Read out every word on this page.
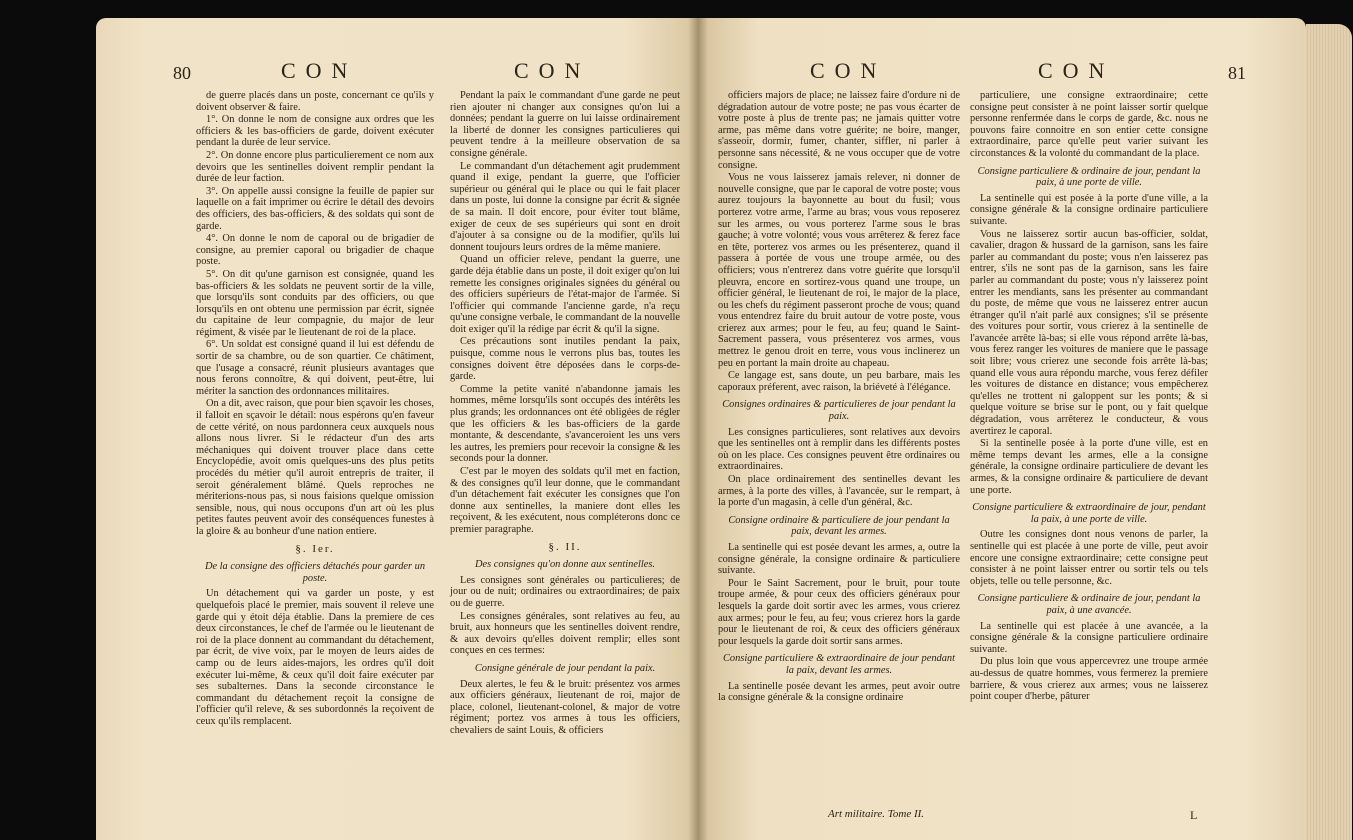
80	CON	CON

de guerre placés dans un poste, concernant ce qu'ils y doivent observer & faire.

1°. On donne le nom de consigne aux ordres que les officiers & les bas-officiers de garde, doivent exécuter pendant la durée de leur service.

2°. On donne encore plus particulierement ce nom aux devoirs que les sentinelles doivent remplir pendant la durée de leur faction.

3°. On appelle aussi consigne la feuille de papier sur laquelle on a fait imprimer ou écrire le détail des devoirs des officiers, des bas-officiers, & des soldats qui sont de garde.

4°. On donne le nom de caporal ou de brigadier de consigne, au premier caporal ou brigadier de chaque poste.

5°. On dit qu'une garnison est consignée, quand les bas-officiers & les soldats ne peuvent sortir de la ville, que lorsqu'ils sont conduits par des officiers, ou que lorsqu'ils en ont obtenu une permission par écrit, signée du capitaine de leur compagnie, du major de leur régiment, & visée par le lieutenant de roi de la place.

6°. Un soldat est consigné quand il lui est défendu de sortir de sa chambre, ou de son quartier. Ce châtiment, que l'usage a consacré, réunit plusieurs avantages que nous ferons connoître, & qui doivent, peut-être, lui mériter la sanction des ordonnances militaires.

On a dit, avec raison, que pour bien sçavoir les choses, il falloit en sçavoir le détail: nous espérons qu'en faveur de cette vérité, on nous pardonnera ceux auxquels nous allons nous livrer. Si le rédacteur d'un des arts méchaniques qui doivent trouver place dans cette Encyclopédie, avoit omis quelques-uns des plus petits procédés du métier qu'il auroit entrepris de traiter, il seroit généralement blâmé. Quels reproches ne mériterions-nous pas, si nous faisions quelque omission sensible, nous, qui nous occupons d'un art où les plus petites fautes peuvent avoir des conséquences funestes à la gloire & au bonheur d'une nation entiere.

§. Ier.

De la consigne des officiers détachés pour garder un poste.

Un détachement qui va garder un poste, y est quelquefois placé le premier, mais souvent il releve une garde qui y étoit déja établie. Dans la premiere de ces deux circonstances, le chef de l'armée ou le lieutenant de roi de la place donnent au commandant du détachement, par écrit, de vive voix, par le moyen de leurs aides de camp ou de leurs aides-majors, les ordres qu'il doit exécuter lui-même, & ceux qu'il doit faire exécuter par ses subalternes. Dans la seconde circonstance le commandant du détachement reçoit la consigne de l'officier qu'il releve, & ses subordonnés la reçoivent de ceux qu'ils remplacent.

Pendant la paix le commandant d'une garde ne peut rien ajouter ni changer aux consignes qu'on lui a données; pendant la guerre on lui laisse ordinairement la liberté de donner les consignes particulieres qui peuvent tendre à la meilleure observation de sa consigne générale.

Le commandant d'un détachement agit prudemment quand il exige, pendant la guerre, que l'officier supérieur ou général qui le place ou qui le fait placer dans un poste, lui donne la consigne par écrit & signée de sa main. Il doit encore, pour éviter tout blâme, exiger de ceux de ses supérieurs qui sont en droit d'ajouter à sa consigne ou de la modifier, qu'ils lui donnent toujours leurs ordres de la même maniere.

Quand un officier releve, pendant la guerre, une garde déja établie dans un poste, il doit exiger qu'on lui remette les consignes originales signées du général ou des officiers supérieurs de l'état-major de l'armée. Si l'officier qui commande l'ancienne garde, n'a reçu qu'une consigne verbale, le commandant de la nouvelle doit exiger qu'il la rédige par écrit & qu'il la signe.

Ces précautions sont inutiles pendant la paix, puisque, comme nous le verrons plus bas, toutes les consignes doivent être déposées dans le corps-de-garde.

Comme la petite vanité n'abandonne jamais les hommes, même lorsqu'ils sont occupés des intérêts les plus grands; les ordonnances ont été obligées de régler que les officiers & les bas-officiers de la garde montante, & descendante, s'avanceroient les uns vers les autres, les premiers pour recevoir la consigne & les seconds pour la donner.

C'est par le moyen des soldats qu'il met en faction, & des consignes qu'il leur donne, que le commandant d'un détachement fait exécuter les consignes que l'on donne aux sentinelles, la maniere dont elles les reçoivent, & les exécutent, nous compléterons donc ce premier paragraphe.

§. II.

Des consignes qu'on donne aux sentinelles.

Les consignes sont générales ou particulieres; de jour ou de nuit; ordinaires ou extraordinaires; de paix ou de guerre.

Les consignes générales, sont relatives au feu, au bruit, aux honneurs que les sentinelles doivent rendre, & aux devoirs qu'elles doivent remplir; elles sont conçues en ces termes:

Consigne générale de jour pendant la paix.

Deux alertes, le feu & le bruit: présentez vos armes aux officiers généraux, lieutenant de roi, major de place, colonel, lieutenant-colonel, & major de votre régiment; portez vos armes à tous les officiers, chevaliers de saint Louis, & officiers

CON	CON	81

officiers majors de place; ne laissez faire d'ordure ni de dégradation autour de votre poste; ne pas vous écarter de votre poste à plus de trente pas; ne jamais quitter votre arme, pas même dans votre guérite; ne boire, manger, s'asseoir, dormir, fumer, chanter, siffler, ni parler à personne sans nécessité, & ne vous occuper que de votre consigne.

Vous ne vous laisserez jamais relever, ni donner de nouvelle consigne, que par le caporal de votre poste; vous aurez toujours la bayonnette au bout du fusil; vous porterez votre arme, l'arme au bras; vous vous reposerez sur les armes, ou vous porterez l'arme sous le bras gauche; à votre volonté; vous vous arrêterez & ferez face en tête, porterez vos armes ou les présenterez, quand il passera à portée de vous une troupe armée, ou des officiers; vous n'entrerez dans votre guérite que lorsqu'il pleuvra, encore en sortirez-vous quand une troupe, un officier général, le lieutenant de roi, le major de la place, ou les chefs du régiment passeront proche de vous; quand vous entendrez faire du bruit autour de votre poste, vous crierez aux armes; pour le feu, au feu; quand le Saint-Sacrement passera, vous présenterez vos armes, vous mettrez le genou droit en terre, vous vous inclinerez un peu en portant la main droite au chapeau.

Ce langage est, sans doute, un peu barbare, mais les caporaux préferent, avec raison, la briéveté à l'élégance.

Consignes ordinaires & particulieres de jour pendant la paix.

Les consignes particulieres, sont relatives aux devoirs que les sentinelles ont à remplir dans les différents postes où on les place. Ces consignes peuvent être ordinaires ou extraordinaires.

On place ordinairement des sentinelles devant les armes, à la porte des villes, à l'avancée, sur le rempart, à la porte d'un magasin, à celle d'un général, &c.

Consigne ordinaire & particuliere de jour pendant la paix, devant les armes.

La sentinelle qui est posée devant les armes, a, outre la consigne générale, la consigne ordinaire & particuliere suivante.

Pour le Saint Sacrement, pour le bruit, pour toute troupe armée, & pour ceux des officiers généraux pour lesquels la garde doit sortir avec les armes, vous crierez aux armes; pour le feu, au feu; vous crierez hors la garde pour le lieutenant de roi, & ceux des officiers généraux pour lesquels la garde doit sortir sans armes.

Consigne particuliere & extraordinaire de jour pendant la paix, devant les armes.

La sentinelle posée devant les armes, peut avoir outre la consigne générale & la consigne ordinaire

particuliere, une consigne extraordinaire; cette consigne peut consister à ne point laisser sortir quelque personne renfermée dans le corps de garde, &c. nous ne pouvons faire connoitre en son entier cette consigne extraordinaire, parce qu'elle peut varier suivant les circonstances & la volonté du commandant de la place.

Consigne particuliere & ordinaire de jour, pendant la paix, à une porte de ville.

La sentinelle qui est posée à la porte d'une ville, a la consigne générale & la consigne ordinaire particuliere suivante.

Vous ne laisserez sortir aucun bas-officier, soldat, cavalier, dragon & hussard de la garnison, sans les faire parler au commandant du poste; vous n'en laisserez pas entrer, s'ils ne sont pas de la garnison, sans les faire parler au commandant du poste; vous n'y laisserez point entrer les mendiants, sans les présenter au commandant du poste, de même que vous ne laisserez entrer aucun étranger qu'il n'ait parlé aux consignes; s'il se présente des voitures pour sortir, vous crierez à la sentinelle de l'avancée arrête là-bas; si elle vous répond arrête là-bas, vous ferez ranger les voitures de maniere que le passage soit libre; vous crierez une seconde fois arrête là-bas; quand elle vous aura répondu marche, vous ferez défiler les voitures de distance en distance; vous empêcherez qu'elles ne trottent ni galoppent sur les ponts; & si quelque voiture se brise sur le pont, ou y fait quelque dégradation, vous arrêterez le conducteur, & vous avertirez le caporal.

Si la sentinelle posée à la porte d'une ville, est en même temps devant les armes, elle a la consigne générale, la consigne ordinaire particuliere de devant les armes, & la consigne ordinaire & particuliere de devant une porte.

Consigne particuliere & extraordinaire de jour, pendant la paix, à une porte de ville.

Outre les consignes dont nous venons de parler, la sentinelle qui est placée à une porte de ville, peut avoir encore une consigne extraordinaire; cette consigne peut consister à ne point laisser entrer ou sortir tels ou tels objets, telle ou telle personne, &c.

Consigne particuliere & ordinaire de jour, pendant la paix, à une avancée.

La sentinelle qui est placée à une avancée, a la consigne générale & la consigne particuliere ordinaire suivante.

Du plus loin que vous appercevrez une troupe armée au-dessus de quatre hommes, vous fermerez la premiere barriere, & vous crierez aux armes; vous ne laisserez point couper d'herbe, pâturer

Art militaire. Tome II.	L
